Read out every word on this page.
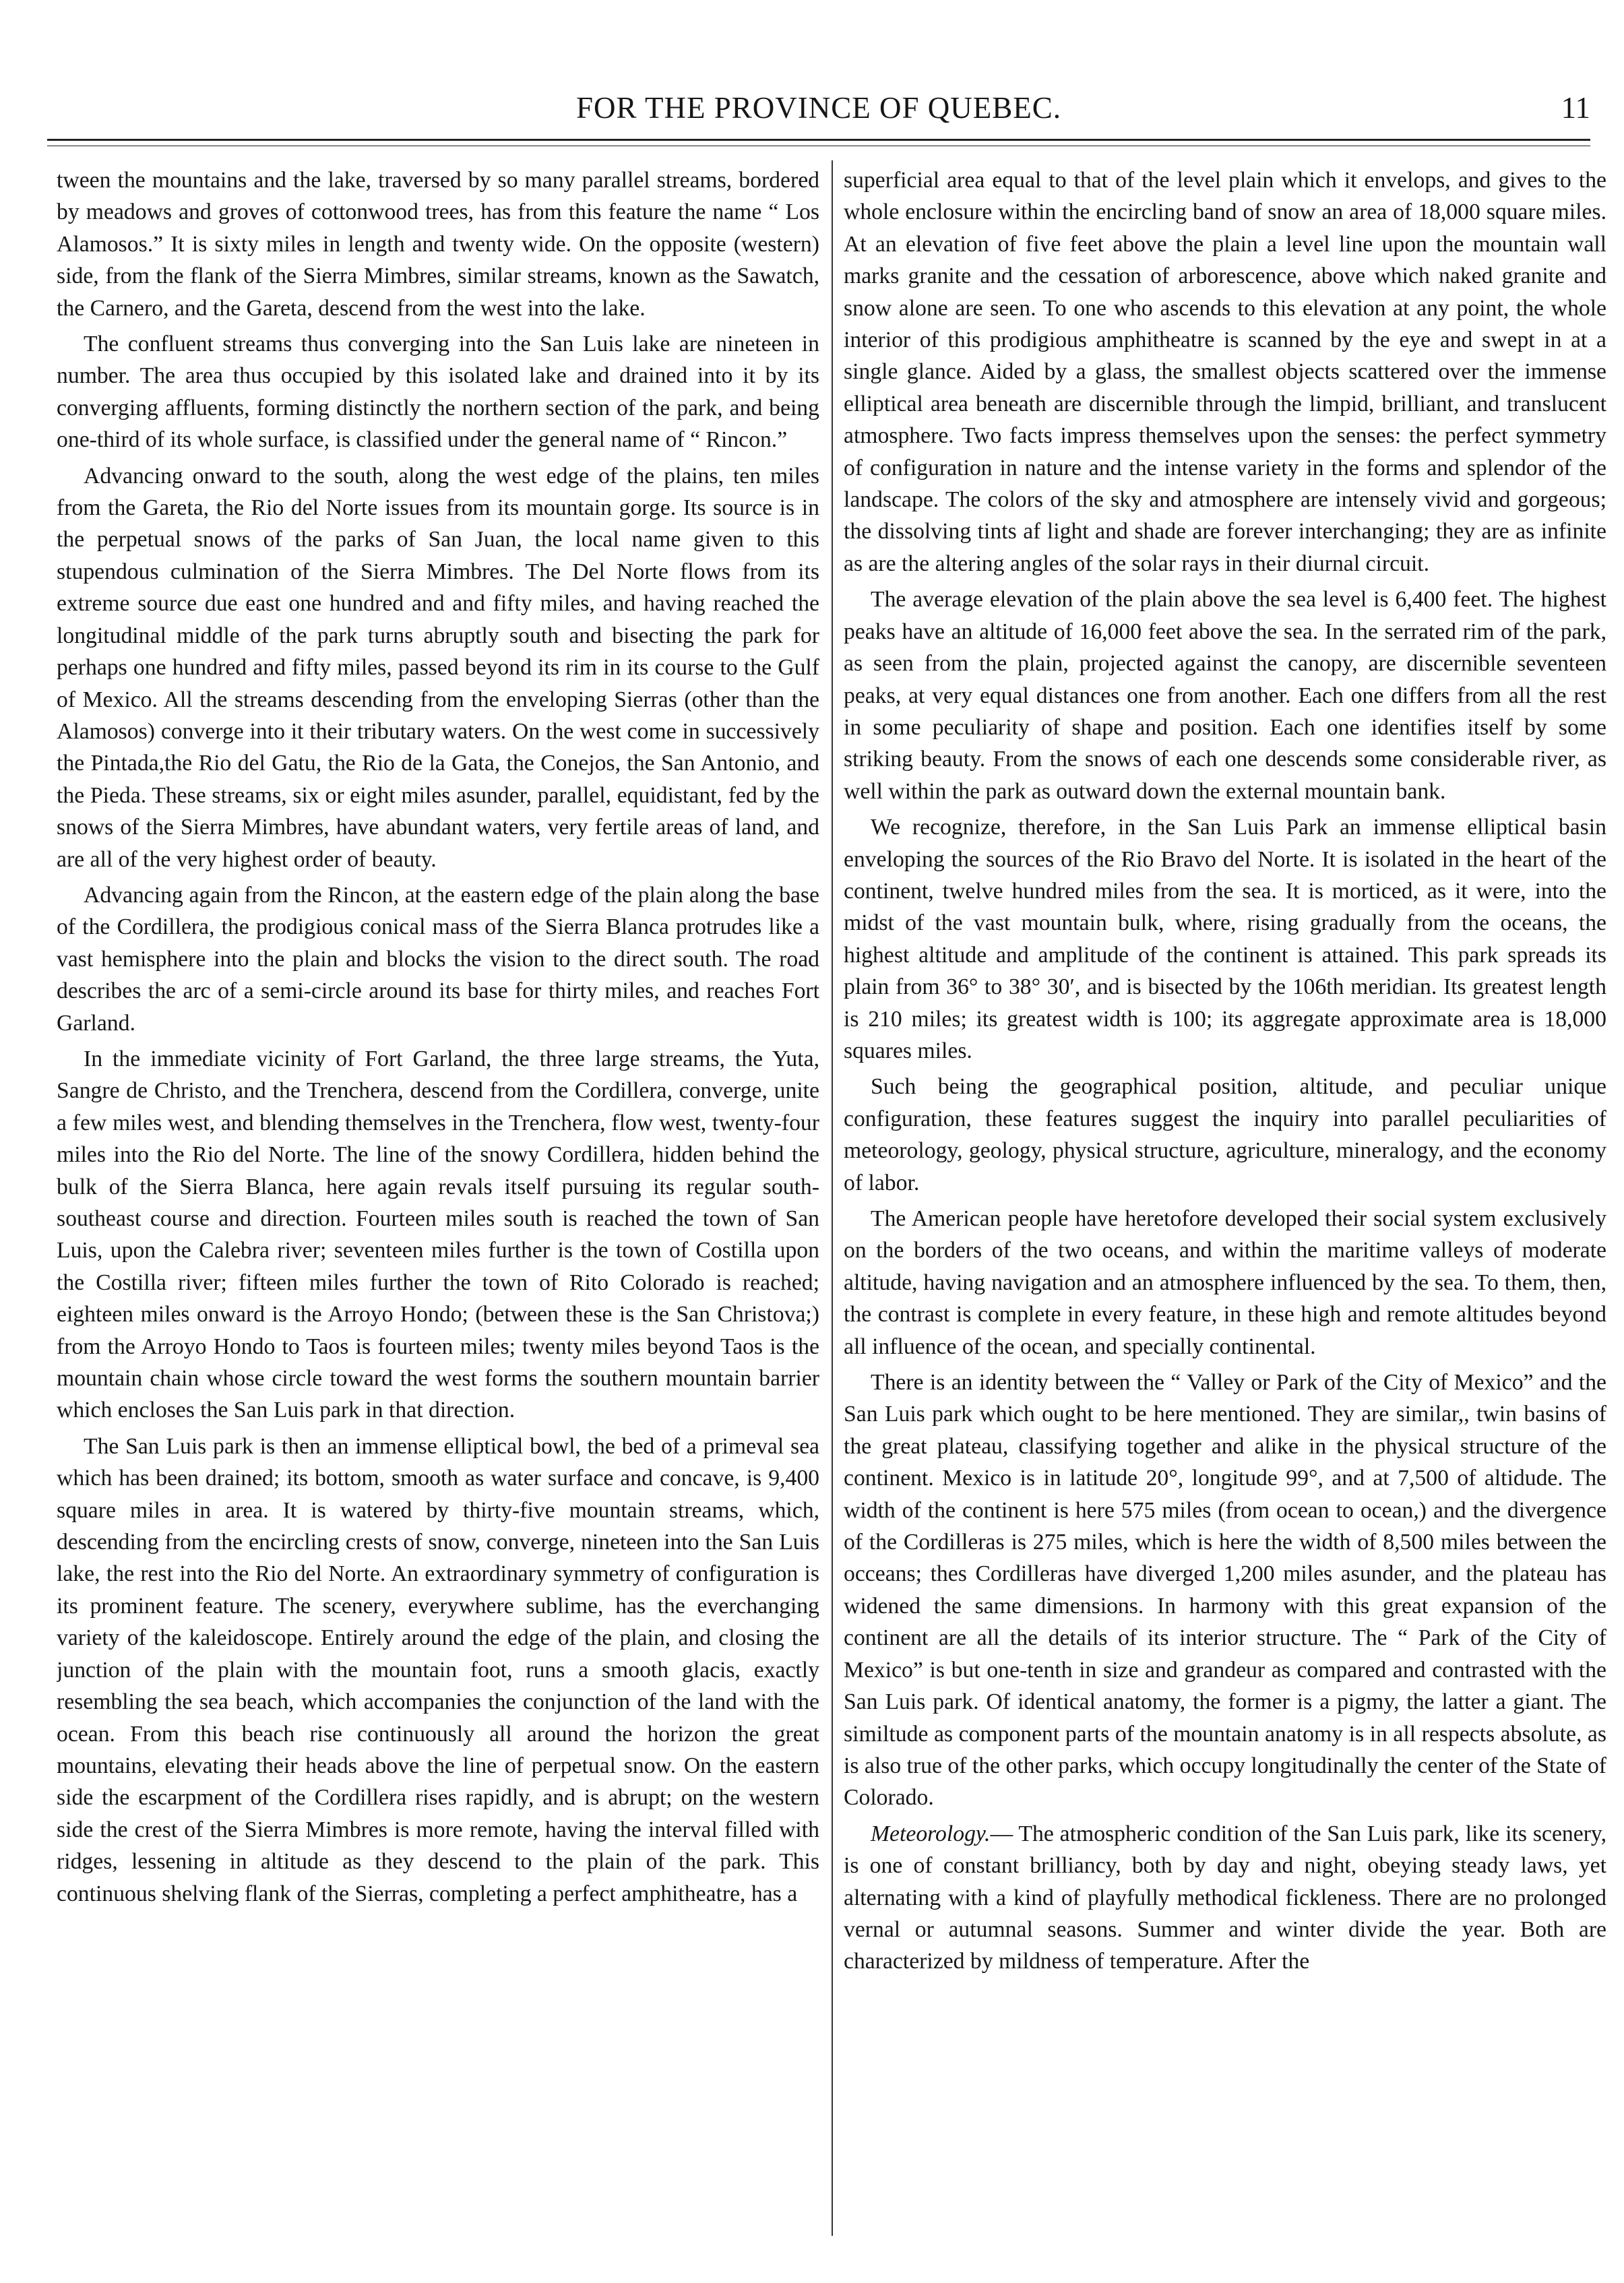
FOR THE PROVINCE OF QUEBEC.	11

tween the mountains and the lake, traversed by so many parallel streams, bordered by meadows and groves of cottonwood trees, has from this feature the name “ Los Alamosos.” It is sixty miles in length and twenty wide. On the opposite (western) side, from the flank of the Sierra Mimbres, similar streams, known as the Sawatch, the Carnero, and the Gareta, descend from the west into the lake.

The confluent streams thus converging into the San Luis lake are nineteen in number. The area thus occupied by this isolated lake and drained into it by its converging affluents, forming distinctly the northern section of the park, and being one-third of its whole surface, is classified under the general name of “ Rincon.”

Advancing onward to the south, along the west edge of the plains, ten miles from the Gareta, the Rio del Norte issues from its mountain gorge. Its source is in the perpetual snows of the parks of San Juan, the local name given to this stupendous culmination of the Sierra Mimbres. The Del Norte flows from its extreme source due east one hundred and and fifty miles, and having reached the longitudinal middle of the park turns abruptly south and bisecting the park for perhaps one hundred and fifty miles, passed beyond its rim in its course to the Gulf of Mexico. All the streams descending from the enveloping Sierras (other than the Alamosos) converge into it their tributary waters. On the west come in successively the Pintada,the Rio del Gatu, the Rio de la Gata, the Conejos, the San Antonio, and the Pieda. These streams, six or eight miles asunder, parallel, equidistant, fed by the snows of the Sierra Mimbres, have abundant waters, very fertile areas of land, and are all of the very highest order of beauty.

Advancing again from the Rincon, at the eastern edge of the plain along the base of the Cordillera, the prodigious conical mass of the Sierra Blanca protrudes like a vast hemisphere into the plain and blocks the vision to the direct south. The road describes the arc of a semi-circle around its base for thirty miles, and reaches Fort Garland.

In the immediate vicinity of Fort Garland, the three large streams, the Yuta, Sangre de Christo, and the Trenchera, descend from the Cordillera, converge, unite a few miles west, and blending themselves in the Trenchera, flow west, twenty-four miles into the Rio del Norte. The line of the snowy Cordillera, hidden behind the bulk of the Sierra Blanca, here again revals itself pursuing its regular south-southeast course and direction. Fourteen miles south is reached the town of San Luis, upon the Calebra river; seventeen miles further is the town of Costilla upon the Costilla river; fifteen miles further the town of Rito Colorado is reached; eighteen miles onward is the Arroyo Hondo; (between these is the San Christova;) from the Arroyo Hondo to Taos is fourteen miles; twenty miles beyond Taos is the mountain chain whose circle toward the west forms the southern mountain barrier which encloses the San Luis park in that direction.

The San Luis park is then an immense elliptical bowl, the bed of a primeval sea which has been drained; its bottom, smooth as water surface and concave, is 9,400 square miles in area. It is watered by thirty-five mountain streams, which, descending from the encircling crests of snow, converge, nineteen into the San Luis lake, the rest into the Rio del Norte. An extraordinary symmetry of configuration is its prominent feature. The scenery, everywhere sublime, has the everchanging variety of the kaleidoscope. Entirely around the edge of the plain, and closing the junction of the plain with the mountain foot, runs a smooth glacis, exactly resembling the sea beach, which accompanies the conjunction of the land with the ocean. From this beach rise continuously all around the horizon the great mountains, elevating their heads above the line of perpetual snow. On the eastern side the escarpment of the Cordillera rises rapidly, and is abrupt; on the western side the crest of the Sierra Mimbres is more remote, having the interval filled with ridges, lessening in altitude as they descend to the plain of the park. This continuous shelving flank of the Sierras, completing a perfect amphitheatre, has a

superficial area equal to that of the level plain which it envelops, and gives to the whole enclosure within the encircling band of snow an area of 18,000 square miles. At an elevation of five feet above the plain a level line upon the mountain wall marks granite and the cessation of arborescence, above which naked granite and snow alone are seen. To one who ascends to this elevation at any point, the whole interior of this prodigious amphitheatre is scanned by the eye and swept in at a single glance. Aided by a glass, the smallest objects scattered over the immense elliptical area beneath are discernible through the limpid, brilliant, and translucent atmosphere. Two facts impress themselves upon the senses: the perfect symmetry of configuration in nature and the intense variety in the forms and splendor of the landscape. The colors of the sky and atmosphere are intensely vivid and gorgeous; the dissolving tints af light and shade are forever interchanging; they are as infinite as are the altering angles of the solar rays in their diurnal circuit.

The average elevation of the plain above the sea level is 6,400 feet. The highest peaks have an altitude of 16,000 feet above the sea. In the serrated rim of the park, as seen from the plain, projected against the canopy, are discernible seventeen peaks, at very equal distances one from another. Each one differs from all the rest in some peculiarity of shape and position. Each one identifies itself by some striking beauty. From the snows of each one descends some considerable river, as well within the park as outward down the external mountain bank.

We recognize, therefore, in the San Luis Park an immense elliptical basin enveloping the sources of the Rio Bravo del Norte. It is isolated in the heart of the continent, twelve hundred miles from the sea. It is morticed, as it were, into the midst of the vast mountain bulk, where, rising gradually from the oceans, the highest altitude and amplitude of the continent is attained. This park spreads its plain from 36° to 38° 30′, and is bisected by the 106th meridian. Its greatest length is 210 miles; its greatest width is 100; its aggregate approximate area is 18,000 squares miles.

Such being the geographical position, altitude, and peculiar unique configuration, these features suggest the inquiry into parallel peculiarities of meteorology, geology, physical structure, agriculture, mineralogy, and the economy of labor.

The American people have heretofore developed their social system exclusively on the borders of the two oceans, and within the maritime valleys of moderate altitude, having navigation and an atmosphere influenced by the sea. To them, then, the contrast is complete in every feature, in these high and remote altitudes beyond all influence of the ocean, and specially continental.

There is an identity between the “ Valley or Park of the City of Mexico” and the San Luis park which ought to be here mentioned. They are similar,, twin basins of the great plateau, classifying together and alike in the physical structure of the continent. Mexico is in latitude 20°, longitude 99°, and at 7,500 of altidude. The width of the continent is here 575 miles (from ocean to ocean,) and the divergence of the Cordilleras is 275 miles, which is here the width of 8,500 miles between the occeans; thes Cordilleras have diverged 1,200 miles asunder, and the plateau has widened the same dimensions. In harmony with this great expansion of the continent are all the details of its interior structure. The “ Park of the City of Mexico” is but one-tenth in size and grandeur as compared and contrasted with the San Luis park. Of identical anatomy, the former is a pigmy, the latter a giant. The similtude as component parts of the mountain anatomy is in all respects absolute, as is also true of the other parks, which occupy longitudinally the center of the State of Colorado.

Meteorology.— The atmospheric condition of the San Luis park, like its scenery, is one of constant brilliancy, both by day and night, obeying steady laws, yet alternating with a kind of playfully methodical fickleness. There are no prolonged vernal or autumnal seasons. Summer and winter divide the year. Both are characterized by mildness of temperature. After the
